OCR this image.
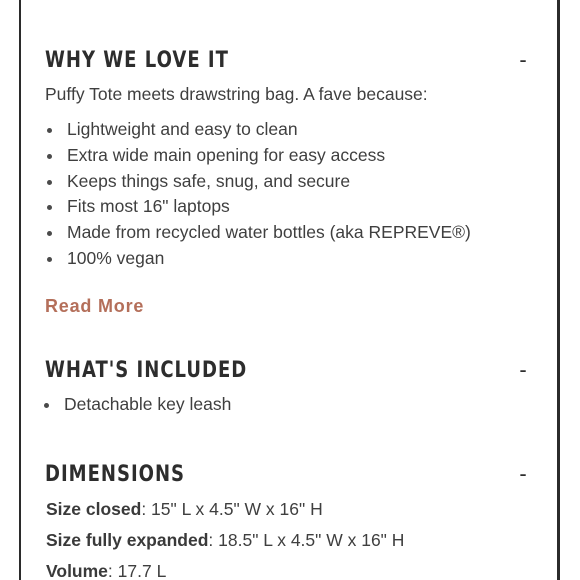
WHY WE LOVE IT	-
Puffy Tote meets drawstring bag. A fave because:
Lightweight and easy to clean
Extra wide main opening for easy access
Keeps things safe, snug, and secure
Fits most 16" laptops
Made from recycled water bottles (aka REPREVE®)
100% vegan
Read More
WHAT'S INCLUDED	-
Detachable key leash
DIMENSIONS	-
Size closed: 15" L x 4.5" W x 16" H
Size fully expanded: 18.5" L x 4.5" W x 16" H
Volume: 17.7 L
